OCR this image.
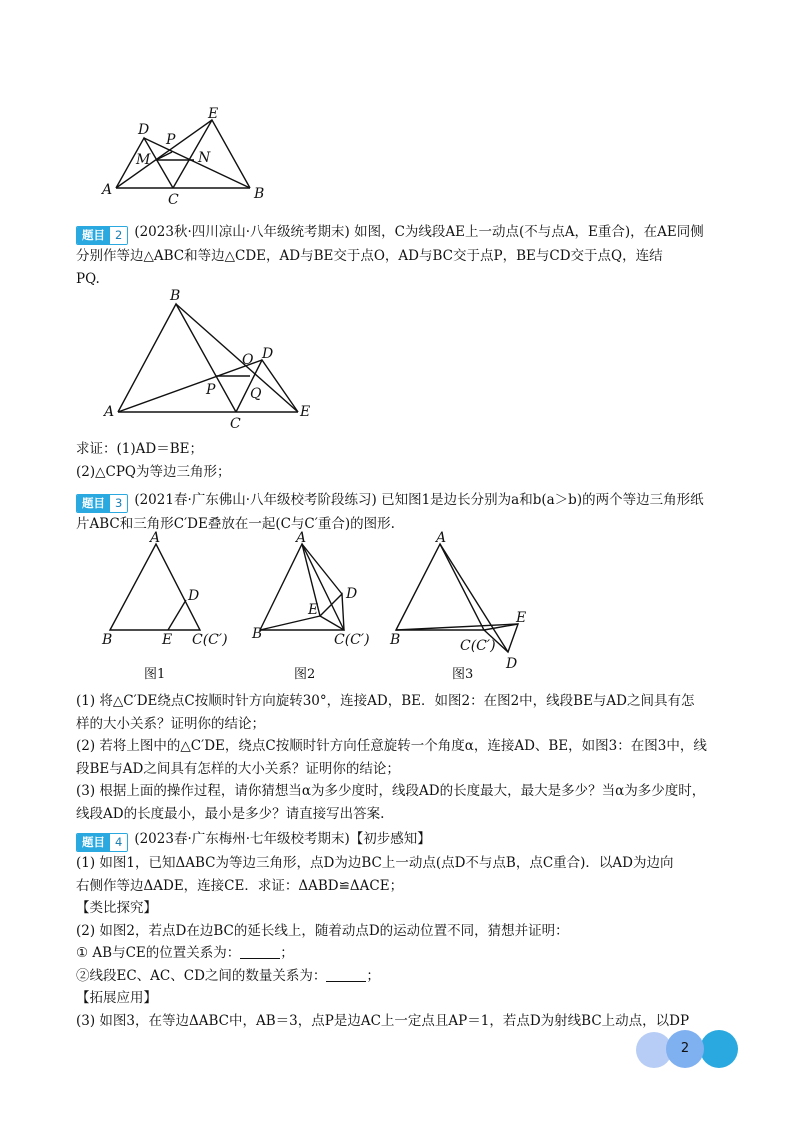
A	B
C
D
E
M	N
P
题目 2 (2023秋·四川凉山·八年级统考期末) 如图，C为线段AE上一动点(不与点A，E重合)，在AE同侧
分别作等边△ABC和等边△CDE，AD与BE交于点O，AD与BC交于点P，BE与CD交于点Q，连结
PQ.
A
B
C
D
E
O
P Q
求证：(1)AD＝BE；
(2)△CPQ为等边三角形；
题目 3 (2021春·广东佛山·八年级校考阶段练习) 已知图1是边长分别为a和b(a＞b)的两个等边三角形纸
片ABC和三角形C′DE叠放在一起(C与C′重合)的图形.
A
B
D
E C(C′)
图1
A
B
D
E
C(C′)
图2
A
B
D
E
C(C′)
图3
(1) 将△C′DE绕点C按顺时针方向旋转30°，连接AD，BE．如图2：在图2中，线段BE与AD之间具有怎
样的大小关系？证明你的结论；
(2) 若将上图中的△C′DE，绕点C按顺时针方向任意旋转一个角度α，连接AD、BE，如图3：在图3中，线
段BE与AD之间具有怎样的大小关系？证明你的结论；
(3) 根据上面的操作过程，请你猜想当α为多少度时，线段AD的长度最大，最大是多少？当α为多少度时，
线段AD的长度最小，最小是多少？请直接写出答案.
题目 4 (2023春·广东梅州·七年级校考期末)【初步感知】
(1) 如图1，已知ΔABC为等边三角形，点D为边BC上一动点(点D不与点B，点C重合)．以AD为边向
右侧作等边ΔADE，连接CE．求证：ΔABD≌ΔACE；
【类比探究】
(2) 如图2，若点D在边BC的延长线上，随着动点D的运动位置不同，猜想并证明：
① AB与CE的位置关系为：	；
②线段EC、AC、CD之间的数量关系为：	；
【拓展应用】
(3) 如图3，在等边ΔABC中，AB＝3，点P是边AC上一定点且AP＝1，若点D为射线BC上动点，以DP
2
